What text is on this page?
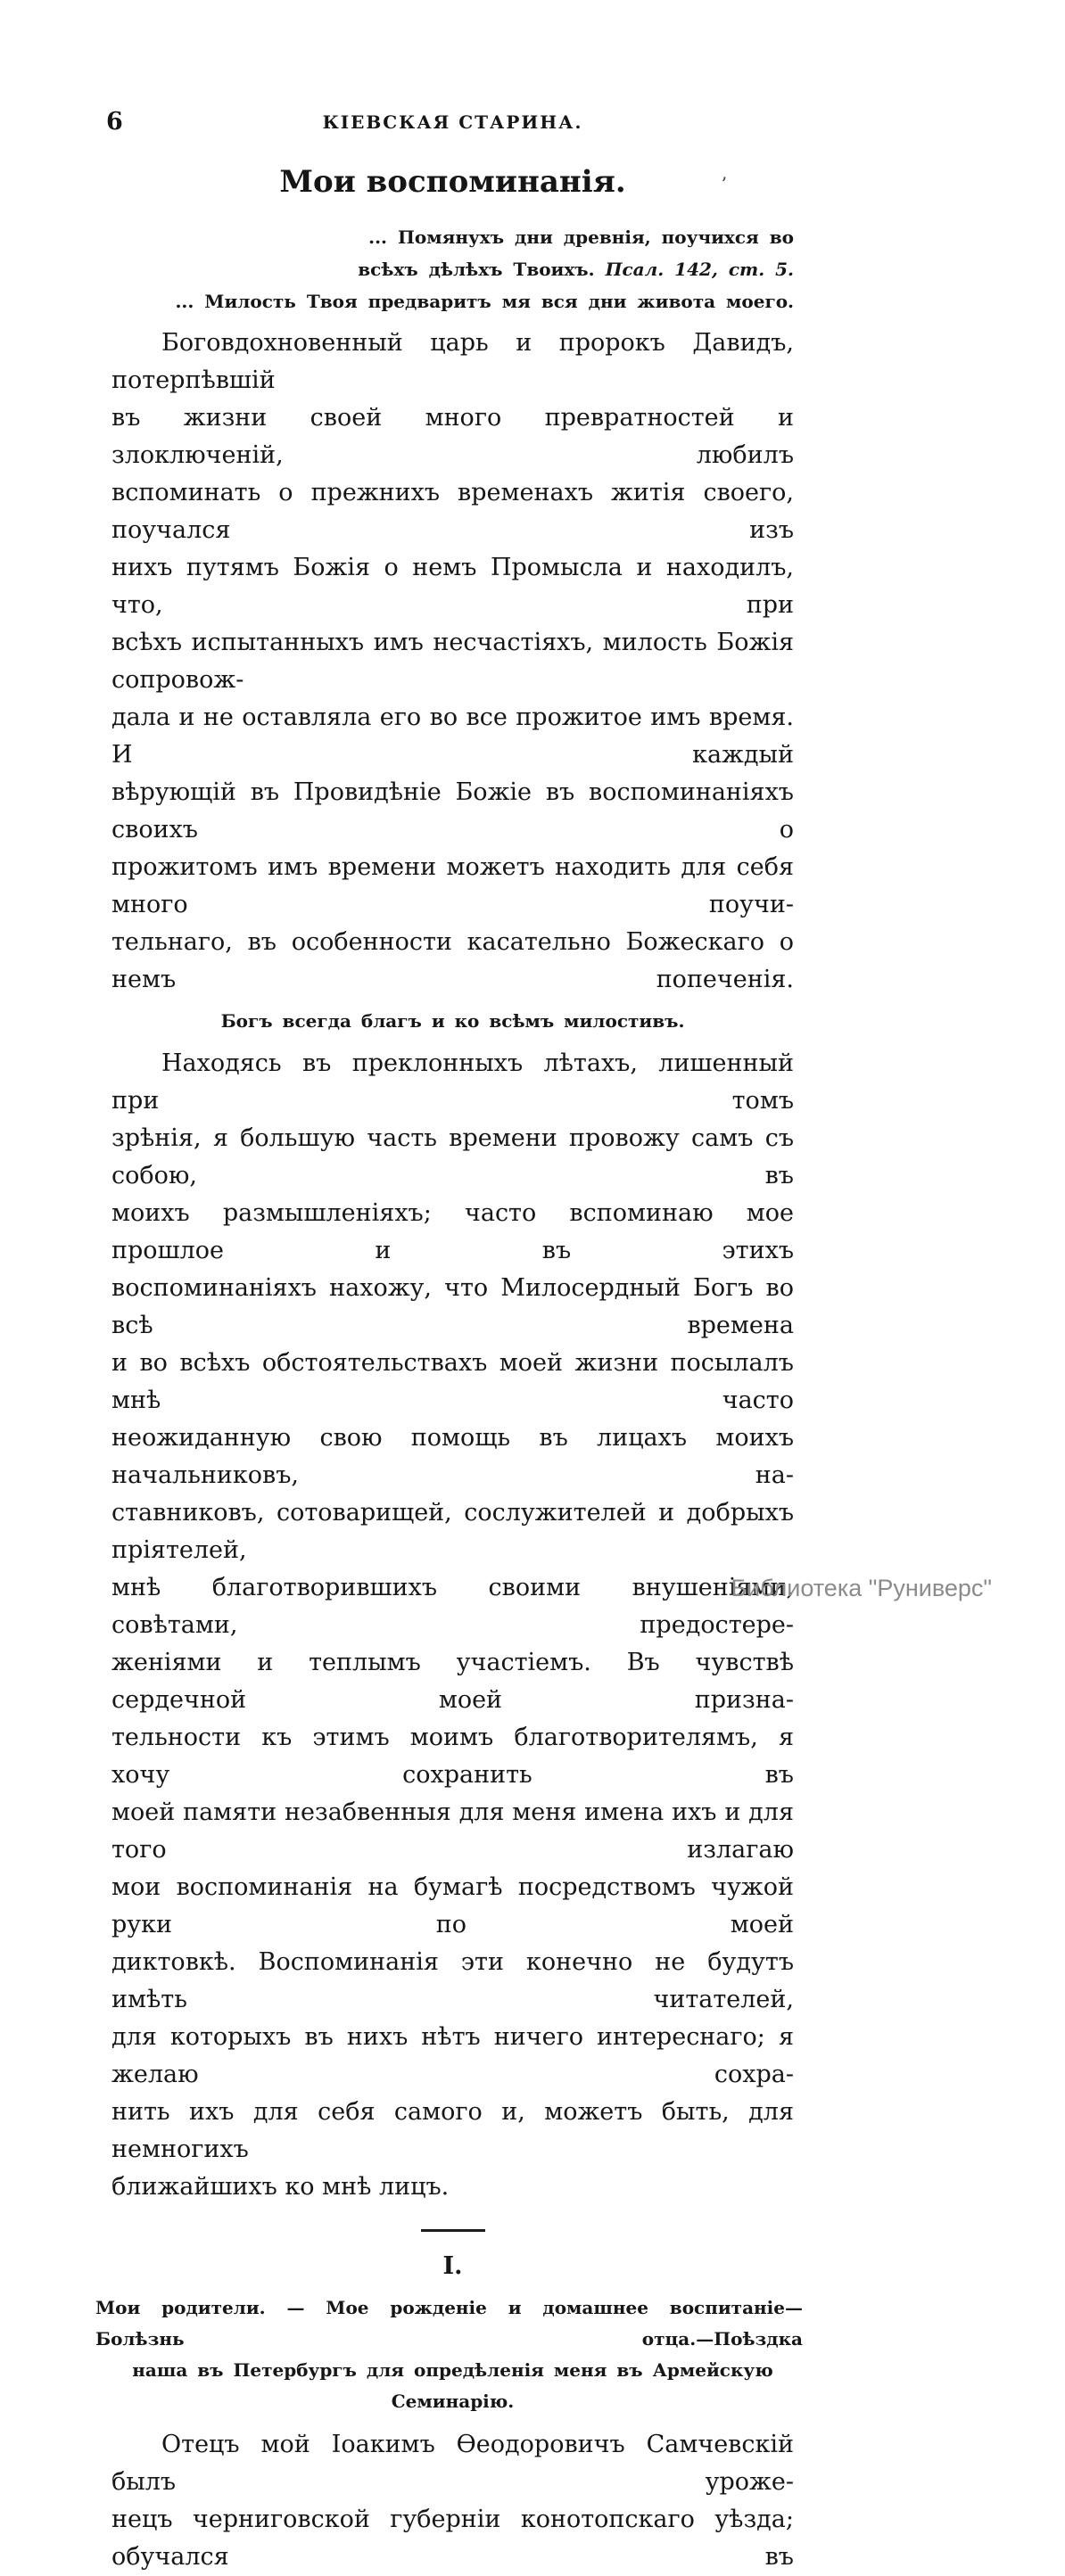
6	КІЕВСКАЯ СТАРИНА.
Мои воспоминанія.	’
... Помянухъ дни древнія, поучихся во
всѣхъ дѣлѣхъ Твоихъ. Псал. 142, ст. 5.
... Милость Твоя предваритъ мя вся дни живота моего.
Боговдохновенный царь и пророкъ Давидъ, потерпѣвшій
въ жизни своей много превратностей и злоключеній, любилъ
вспоминать о прежнихъ временахъ житія своего, поучался изъ
нихъ путямъ Божія о немъ Промысла и находилъ, что, при
всѣхъ испытанныхъ имъ несчастіяхъ, милость Божія сопровож-
дала и не оставляла его во все прожитое имъ время. И каждый
вѣрующій въ Провидѣніе Божіе въ воспоминаніяхъ своихъ о
прожитомъ имъ времени можетъ находить для себя много поучи-
тельнаго, въ особенности касательно Божескаго о немъ попеченія.
Богъ всегда благъ и ко всѣмъ милостивъ.
Находясь въ преклонныхъ лѣтахъ, лишенный при томъ
зрѣнія, я большую часть времени провожу самъ съ собою, въ
моихъ размышленіяхъ; часто вспоминаю мое прошлое и въ этихъ
воспоминаніяхъ нахожу, что Милосердный Богъ во всѣ времена
и во всѣхъ обстоятельствахъ моей жизни посылалъ мнѣ часто
неожиданную свою помощь въ лицахъ моихъ начальниковъ, на-
ставниковъ, сотоварищей, сослужителей и добрыхъ пріятелей,
мнѣ благотворившихъ своими внушеніями, совѣтами, предостере-
женіями и теплымъ участіемъ. Въ чувствѣ сердечной моей призна-
тельности къ этимъ моимъ благотворителямъ, я хочу сохранить въ
моей памяти незабвенныя для меня имена ихъ и для того излагаю
мои воспоминанія на бумагѣ посредствомъ чужой руки по моей
диктовкѣ. Воспоминанія эти конечно не будутъ имѣть читателей,
для которыхъ въ нихъ нѣтъ ничего интереснаго; я желаю сохра-
нить ихъ для себя самого и, можетъ быть, для немногихъ
ближайшихъ ко мнѣ лицъ.
I.
Мои родители. — Мое рожденіе и домашнее воспитаніе—Болѣзнь отца.—Поѣздка
наша въ Петербургъ для опредѣленія меня въ Армейскую Семинарію.
Отецъ мой Іоакимъ Ѳеодоровичъ Самчевскій былъ уроже-
нецъ черниговской губерніи конотопскаго уѣзда; обучался въ
Библиотека "Руниверс"
